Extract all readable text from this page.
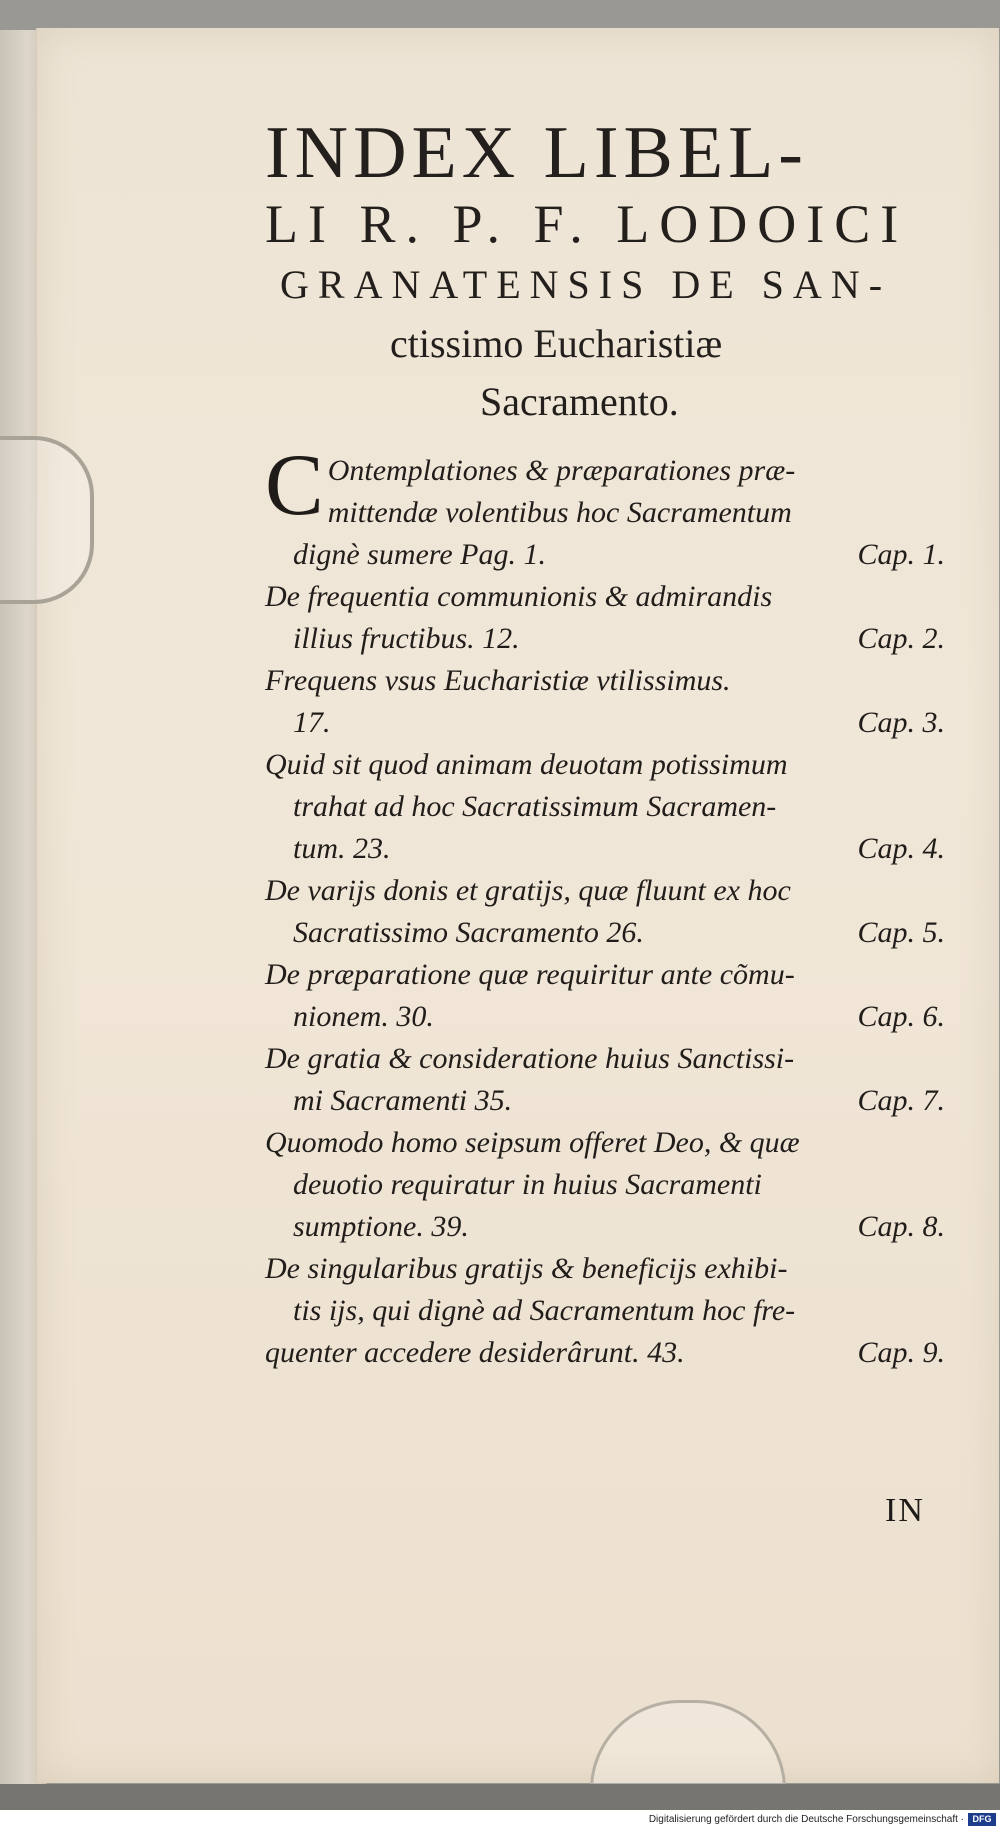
INDEX LIBEL-
LI R. P. F. LODOICI
GRANATENSIS DE SAN-
ctissimo Eucharistiæ
Sacramento.
C Ontemplationes & præparationes præ-
mittendæ volentibus hoc Sacramentum
dignè sumere Pag. 1.	Cap. 1.
De frequentia communionis & admirandis
illius fructibus. 12.	Cap. 2.
Frequens vsus Eucharistiæ vtilissimus.
17.	Cap. 3.
Quid sit quod animam deuotam potissimum
trahat ad hoc Sacratissimum Sacramen-
tum. 23.	Cap. 4.
De varijs donis et gratijs, quæ fluunt ex hoc
Sacratissimo Sacramento 26.	Cap. 5.
De præparatione quæ requiritur ante cõmu-
nionem. 30.	Cap. 6.
De gratia & consideratione huius Sanctissi-
mi Sacramenti 35.	Cap. 7.
Quomodo homo seipsum offeret Deo, & quæ
deuotio requiratur in huius Sacramenti
sumptione. 39.	Cap. 8.
De singularibus gratijs & beneficijs exhibi-
tis ijs, qui dignè ad Sacramentum hoc fre-
quenter accedere desiderârunt. 43.	Cap. 9.
IN
Digitalisierung gefördert durch die Deutsche Forschungsgemeinschaft · DFG
